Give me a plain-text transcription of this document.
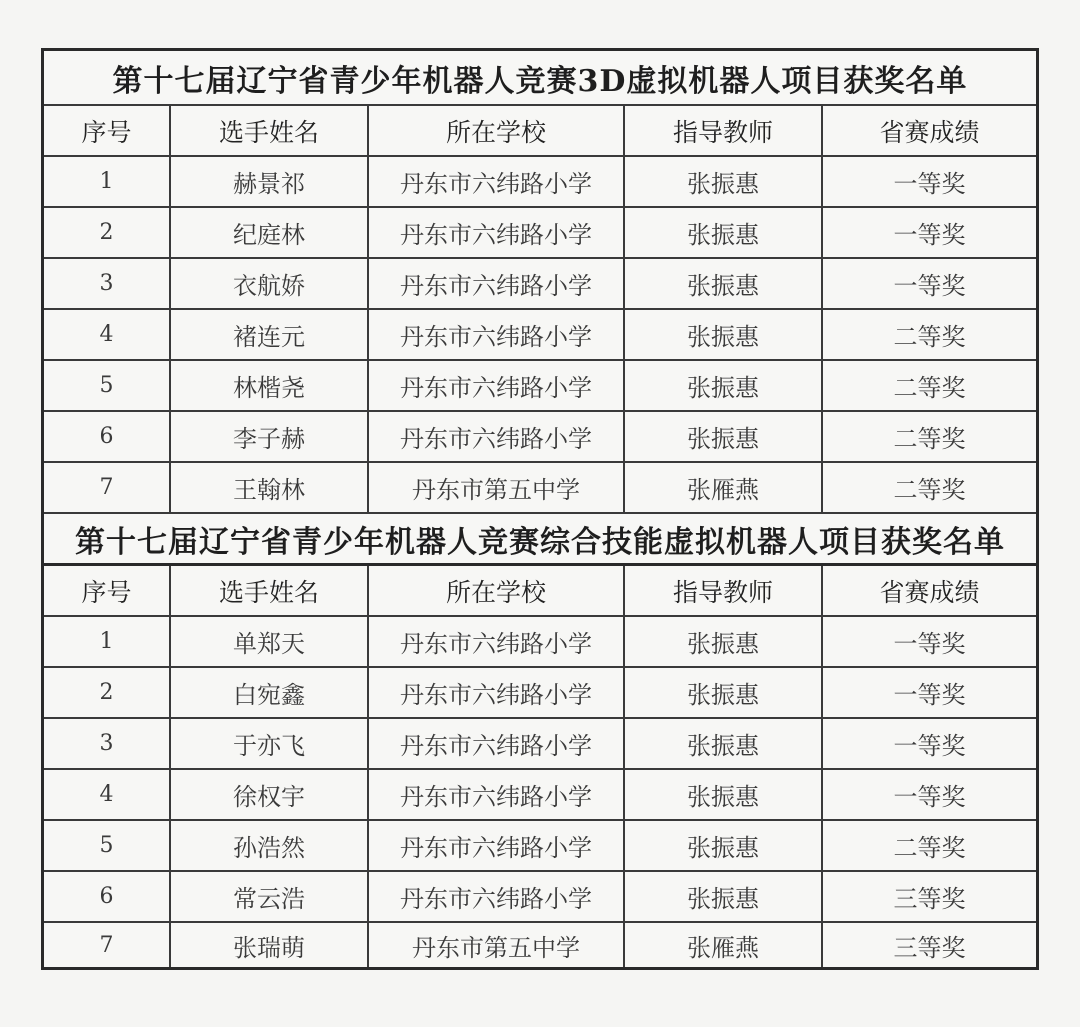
第十七届辽宁省青少年机器人竞赛3D虚拟机器人项目获奖名单
序号	选手姓名	所在学校	指导教师	省赛成绩
1	赫景祁	丹东市六纬路小学	张振惠	一等奖
2	纪庭林	丹东市六纬路小学	张振惠	一等奖
3	衣航娇	丹东市六纬路小学	张振惠	一等奖
4	褚连元	丹东市六纬路小学	张振惠	二等奖
5	林楷尧	丹东市六纬路小学	张振惠	二等奖
6	李子赫	丹东市六纬路小学	张振惠	二等奖
7	王翰林	丹东市第五中学	张雁燕	二等奖
第十七届辽宁省青少年机器人竞赛综合技能虚拟机器人项目获奖名单
序号	选手姓名	所在学校	指导教师	省赛成绩
1	单郑天	丹东市六纬路小学	张振惠	一等奖
2	白宛鑫	丹东市六纬路小学	张振惠	一等奖
3	于亦飞	丹东市六纬路小学	张振惠	一等奖
4	徐权宇	丹东市六纬路小学	张振惠	一等奖
5	孙浩然	丹东市六纬路小学	张振惠	二等奖
6	常云浩	丹东市六纬路小学	张振惠	三等奖
7	张瑞萌	丹东市第五中学	张雁燕	三等奖
